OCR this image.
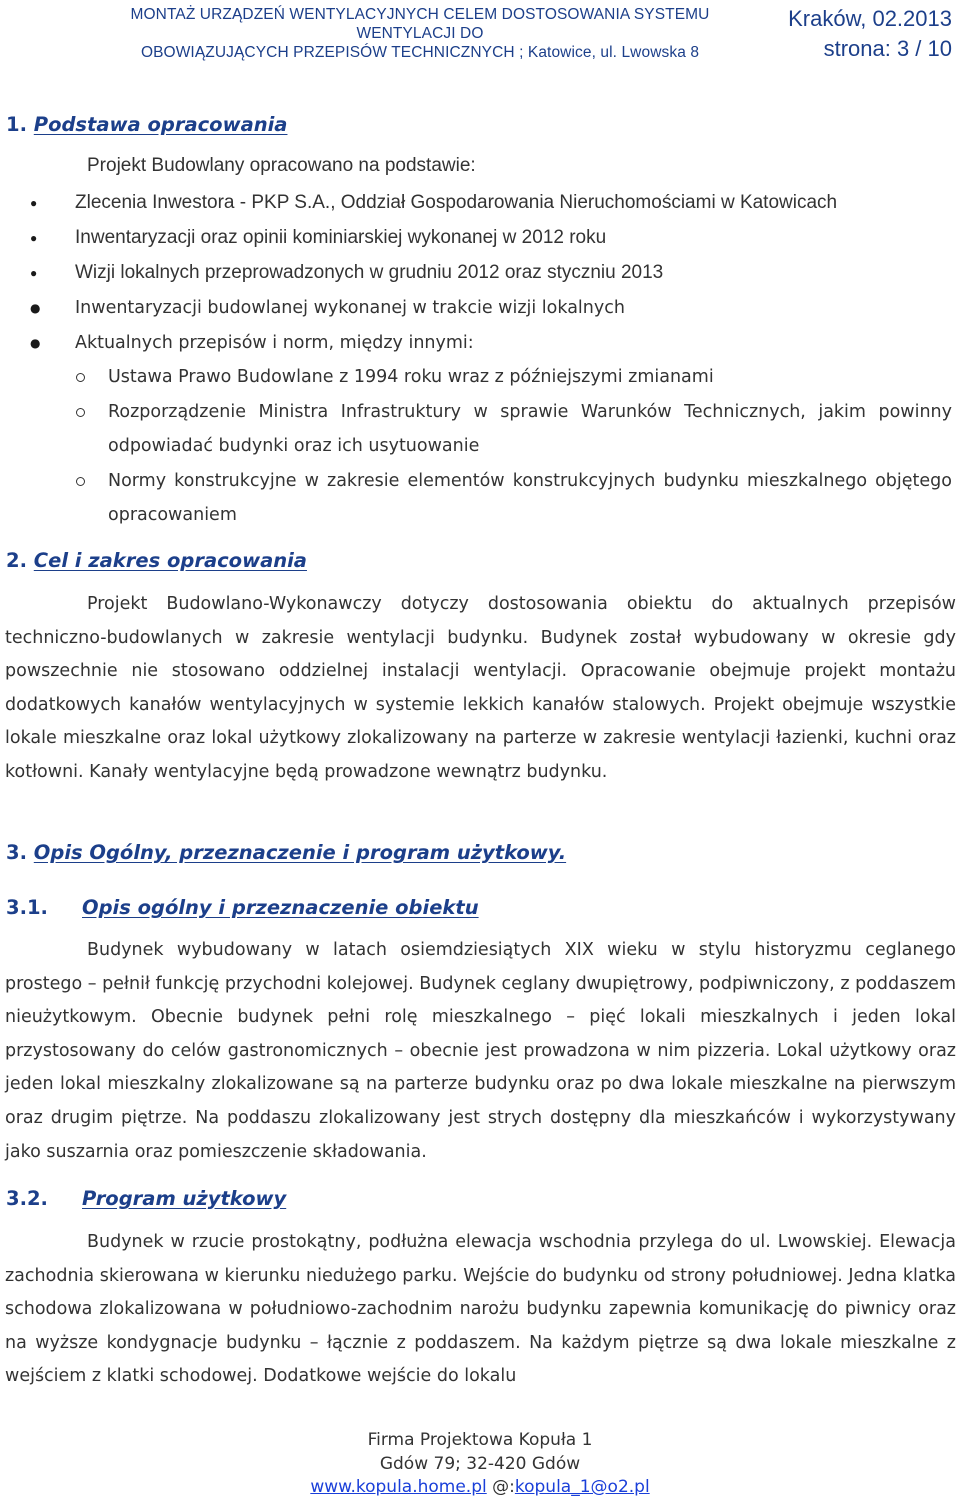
MONTAŻ URZĄDZEŃ WENTYLACYJNYCH CELEM DOSTOSOWANIA SYSTEMU WENTYLACJI DO
OBOWIĄZUJĄCYCH PRZEPISÓW TECHNICZNYCH ; Katowice, ul. Lwowska 8
Kraków, 02.2013
strona: 3 / 10
1. Podstawa opracowania

Projekt Budowlany opracowano na podstawie:

● Zlecenia Inwestora - PKP S.A., Oddział Gospodarowania Nieruchomościami w Katowicach
● Inwentaryzacji oraz opinii kominiarskiej wykonanej w 2012 roku
● Wizji lokalnych przeprowadzonych w grudniu 2012 oraz styczniu 2013
● Inwentaryzacji budowlanej wykonanej w trakcie wizji lokalnych
● Aktualnych przepisów i norm, między innymi:
Ustawa Prawo Budowlane z 1994 roku wraz z późniejszymi zmianami
Rozporządzenie Ministra Infrastruktury w sprawie Warunków Technicznych, jakim powinny odpowiadać budynki oraz ich usytuowanie
Normy konstrukcyjne w zakresie elementów konstrukcyjnych budynku mieszkalnego objętego opracowaniem
2. Cel i zakres opracowania

Projekt Budowlano-Wykonawczy dotyczy dostosowania obiektu do aktualnych przepisów techniczno-budowlanych w zakresie wentylacji budynku. Budynek został wybudowany w okresie gdy powszechnie nie stosowano oddzielnej instalacji wentylacji. Opracowanie obejmuje projekt montażu dodatkowych kanałów wentylacyjnych w systemie lekkich kanałów stalowych. Projekt obejmuje wszystkie lokale mieszkalne oraz lokal użytkowy zlokalizowany na parterze w zakresie wentylacji łazienki, kuchni oraz kotłowni. Kanały wentylacyjne będą prowadzone wewnątrz budynku.

3. Opis Ogólny, przeznaczenie i program użytkowy.
3.1. Opis ogólny i przeznaczenie obiektu

Budynek wybudowany w latach osiemdziesiątych XIX wieku w stylu historyzmu ceglanego prostego – pełnił funkcję przychodni kolejowej. Budynek ceglany dwupiętrowy, podpiwniczony, z poddaszem nieużytkowym. Obecnie budynek pełni rolę mieszkalnego – pięć lokali mieszkalnych i jeden lokal przystosowany do celów gastronomicznych – obecnie jest prowadzona w nim pizzeria. Lokal użytkowy oraz jeden lokal mieszkalny zlokalizowane są na parterze budynku oraz po dwa lokale mieszkalne na pierwszym oraz drugim piętrze. Na poddaszu zlokalizowany jest strych dostępny dla mieszkańców i wykorzystywany jako suszarnia oraz pomieszczenie składowania.

3.2. Program użytkowy

Budynek w rzucie prostokątny, podłużna elewacja wschodnia przylega do ul. Lwowskiej. Elewacja zachodnia skierowana w kierunku niedużego parku. Wejście do budynku od strony południowej. Jedna klatka schodowa zlokalizowana w południowo-zachodnim narożu budynku zapewnia komunikację do piwnicy oraz na wyższe kondygnacje budynku – łącznie z poddaszem. Na każdym piętrze są dwa lokale mieszkalne z wejściem z klatki schodowej. Dodatkowe wejście do lokalu

Firma Projektowa Kopuła 1
Gdów 79; 32-420 Gdów
www.kopula.home.pl @:kopula_1@o2.pl
